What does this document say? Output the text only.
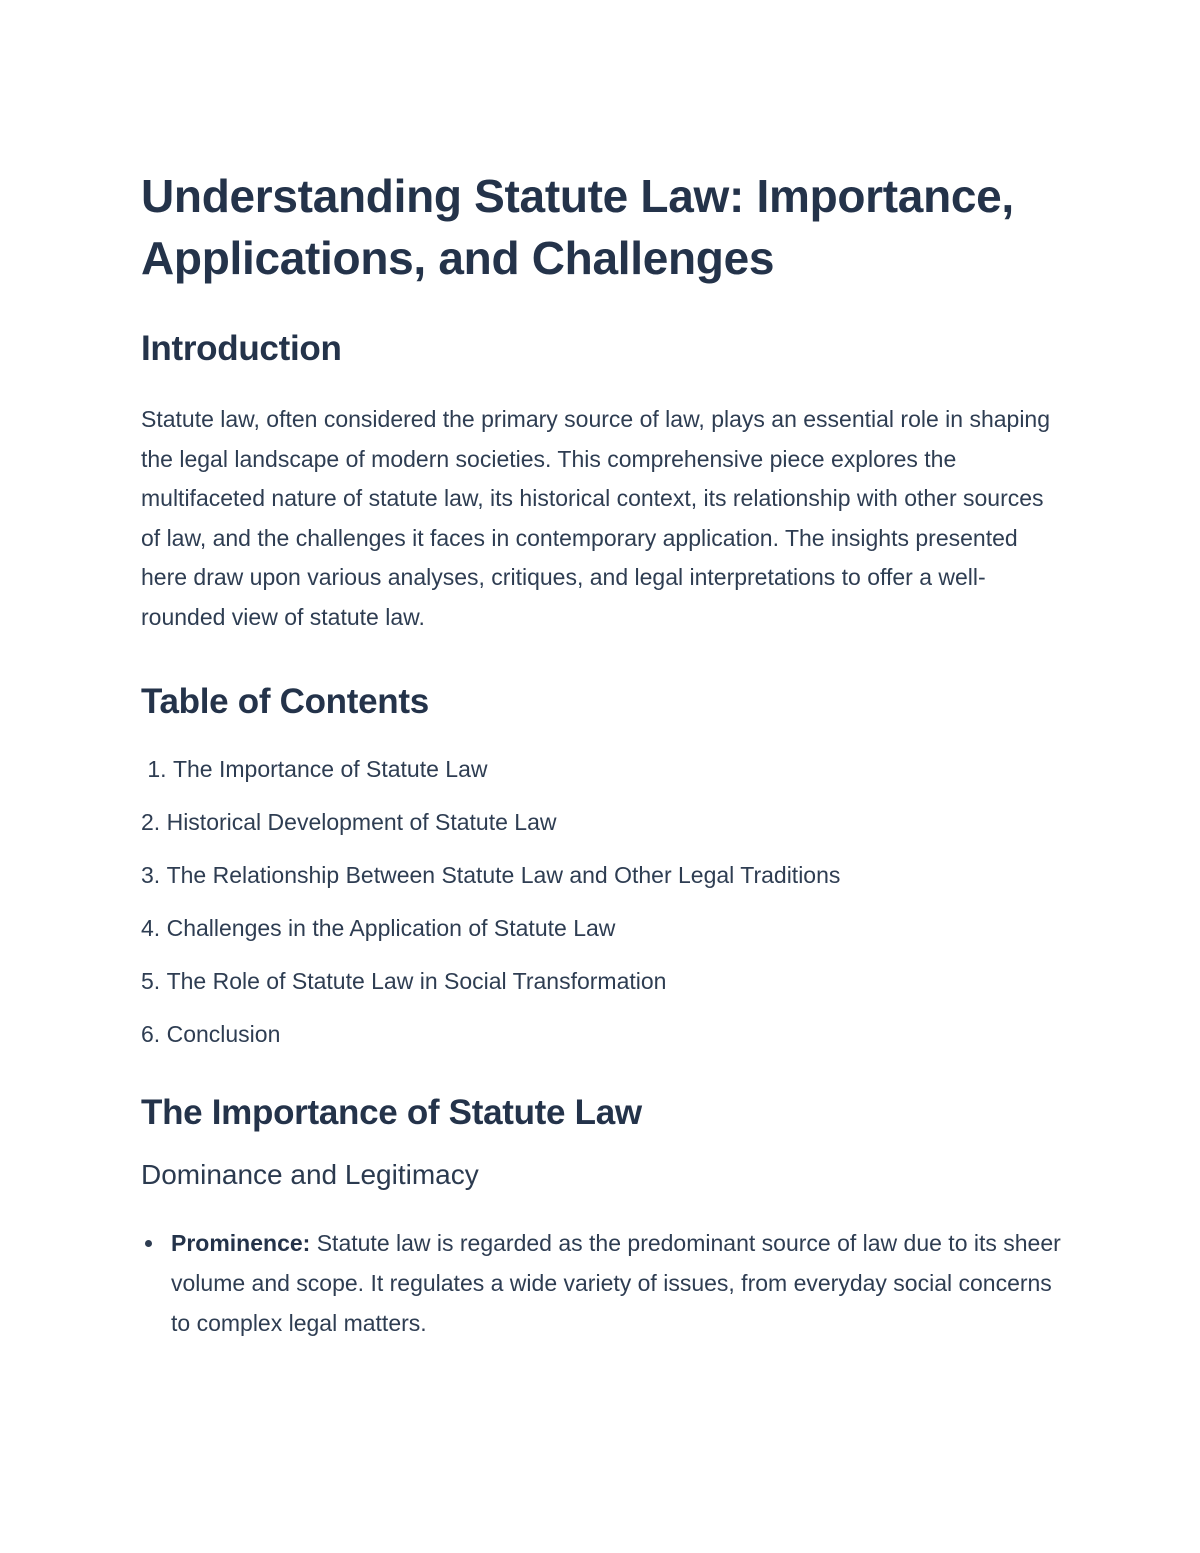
Understanding Statute Law: Importance, Applications, and Challenges
Introduction

Statute law, often considered the primary source of law, plays an essential role in shaping the legal landscape of modern societies. This comprehensive piece explores the multifaceted nature of statute law, its historical context, its relationship with other sources of law, and the challenges it faces in contemporary application. The insights presented here draw upon various analyses, critiques, and legal interpretations to offer a well-rounded view of statute law.

Table of Contents
1. The Importance of Statute Law
2. Historical Development of Statute Law
3. The Relationship Between Statute Law and Other Legal Traditions
4. Challenges in the Application of Statute Law
5. The Role of Statute Law in Social Transformation
6. Conclusion
The Importance of Statute Law
Dominance and Legitimacy
Prominence: Statute law is regarded as the predominant source of law due to its sheer volume and scope. It regulates a wide variety of issues, from everyday social concerns to complex legal matters.
